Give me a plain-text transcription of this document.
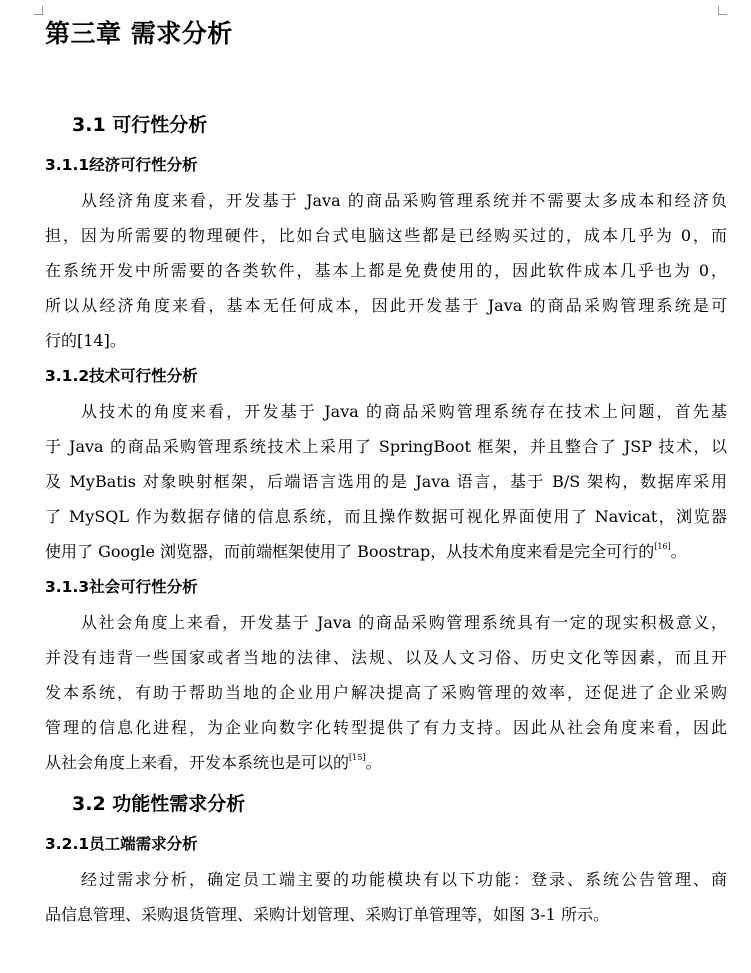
第三章 需求分析
3.1 可行性分析
3.1.1经济可行性分析
从经济角度来看，开发基于 Java 的商品采购管理系统并不需要太多成本和经济负
担，因为所需要的物理硬件，比如台式电脑这些都是已经购买过的，成本几乎为 0，而
在系统开发中所需要的各类软件，基本上都是免费使用的，因此软件成本几乎也为 0，
所以从经济角度来看，基本无任何成本，因此开发基于 Java 的商品采购管理系统是可
行的[14]。
3.1.2技术可行性分析
从技术的角度来看，开发基于 Java 的商品采购管理系统存在技术上问题，首先基
于 Java 的商品采购管理系统技术上采用了 SpringBoot 框架，并且整合了 JSP 技术，以
及 MyBatis 对象映射框架，后端语言选用的是 Java 语言，基于 B/S 架构，数据库采用
了 MySQL 作为数据存储的信息系统，而且操作数据可视化界面使用了 Navicat，浏览器
使用了 Google 浏览器，而前端框架使用了 Boostrap，从技术角度来看是完全可行的[16]。
3.1.3社会可行性分析
从社会角度上来看，开发基于 Java 的商品采购管理系统具有一定的现实积极意义，
并没有违背一些国家或者当地的法律、法规、以及人文习俗、历史文化等因素，而且开
发本系统，有助于帮助当地的企业用户解决提高了采购管理的效率，还促进了企业采购
管理的信息化进程，为企业向数字化转型提供了有力支持。因此从社会角度来看，因此
从社会角度上来看，开发本系统也是可以的[15]。
3.2 功能性需求分析
3.2.1员工端需求分析
经过需求分析，确定员工端主要的功能模块有以下功能：登录、系统公告管理、商
品信息管理、采购退货管理、采购计划管理、采购订单管理等，如图 3-1 所示。
